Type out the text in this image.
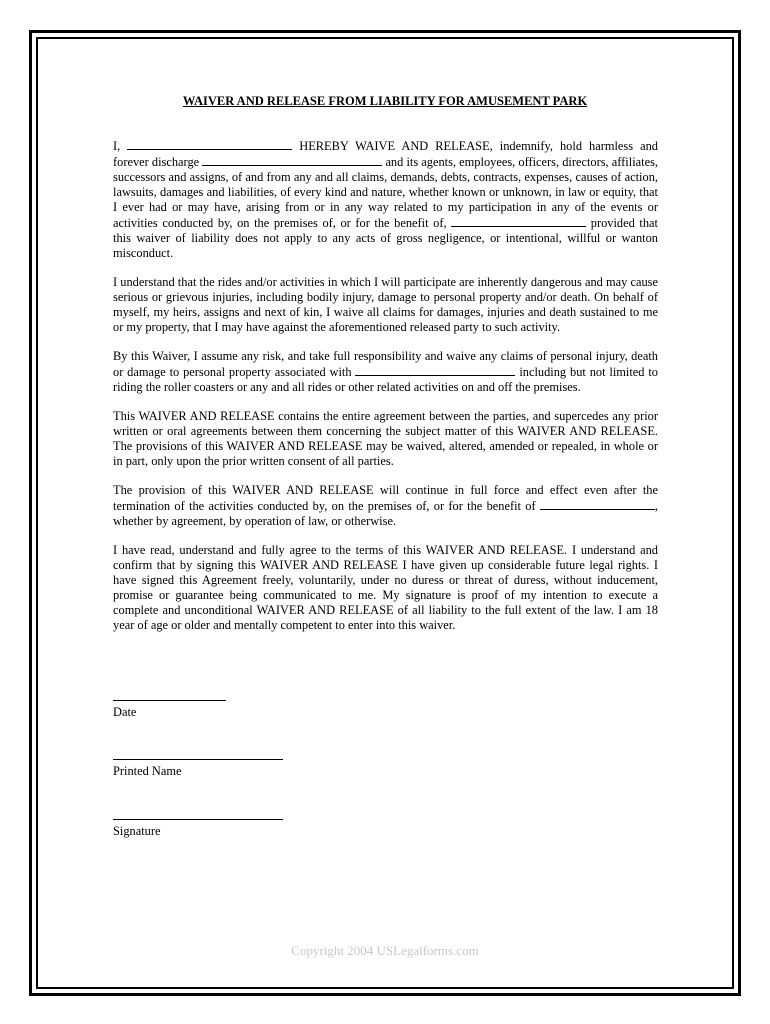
WAIVER AND RELEASE FROM LIABILITY FOR AMUSEMENT PARK

I,	HEREBY WAIVE AND RELEASE, indemnify, hold harmless and forever discharge	and its agents, employees, officers, directors, affiliates, successors and assigns, of and from any and all claims, demands, debts, contracts, expenses, causes of action, lawsuits, damages and liabilities, of every kind and nature, whether known or unknown, in law or equity, that I ever had or may have, arising from or in any way related to my participation in any of the events or activities conducted by, on the premises of, or for the benefit of,	provided that this waiver of liability does not apply to any acts of gross negligence, or intentional, willful or wanton misconduct.

I understand that the rides and/or activities in which I will participate are inherently dangerous and may cause serious or grievous injuries, including bodily injury, damage to personal property and/or death. On behalf of myself, my heirs, assigns and next of kin, I waive all claims for damages, injuries and death sustained to me or my property, that I may have against the aforementioned released party to such activity.

By this Waiver, I assume any risk, and take full responsibility and waive any claims of personal injury, death or damage to personal property associated with	including but not limited to riding the roller coasters or any and all rides or other related activities on and off the premises.

This WAIVER AND RELEASE contains the entire agreement between the parties, and supercedes any prior written or oral agreements between them concerning the subject matter of this WAIVER AND RELEASE. The provisions of this WAIVER AND RELEASE may be waived, altered, amended or repealed, in whole or in part, only upon the prior written consent of all parties.

The provision of this WAIVER AND RELEASE will continue in full force and effect even after the termination of the activities conducted by, on the premises of, or for the benefit of	, whether by agreement, by operation of law, or otherwise.

I have read, understand and fully agree to the terms of this WAIVER AND RELEASE. I understand and confirm that by signing this WAIVER AND RELEASE I have given up considerable future legal rights. I have signed this Agreement freely, voluntarily, under no duress or threat of duress, without inducement, promise or guarantee being communicated to me. My signature is proof of my intention to execute a complete and unconditional WAIVER AND RELEASE of all liability to the full extent of the law. I am 18 year of age or older and mentally competent to enter into this waiver.

Date
Printed Name
Signature
Copyright 2004 USLegalforms.com
